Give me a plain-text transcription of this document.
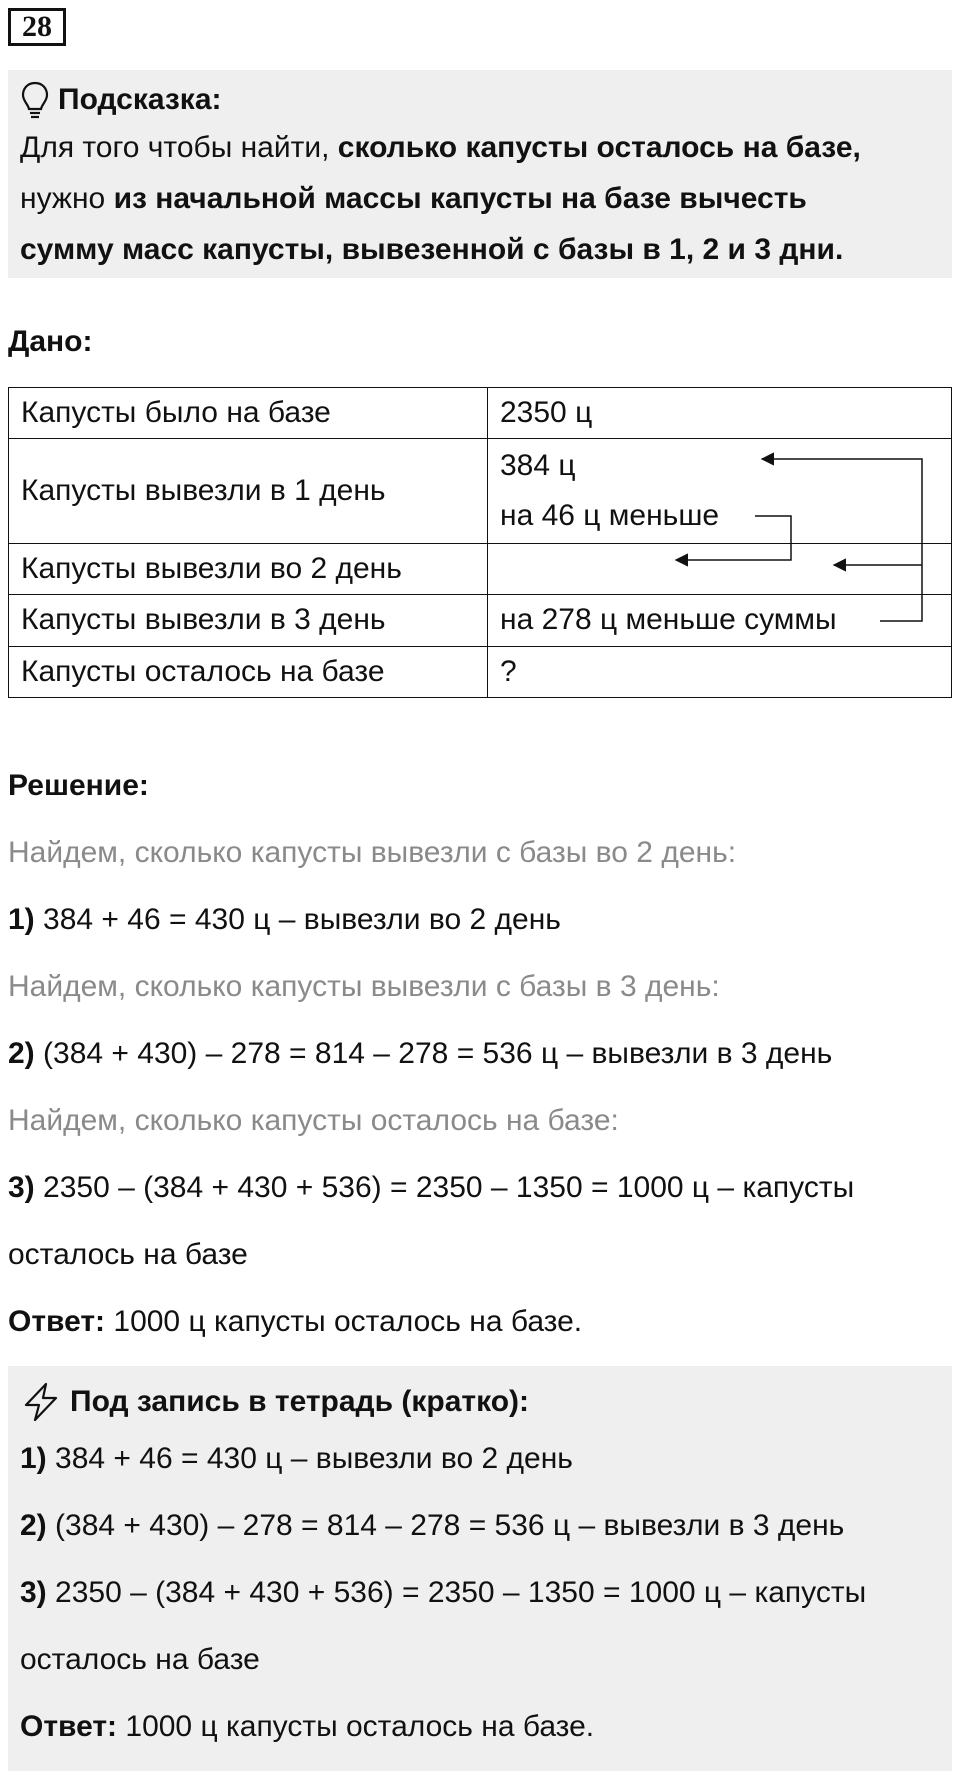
28
Подсказка:
Для того чтобы найти, сколько капусты осталось на базе,
нужно из начальной массы капусты на базе вычесть
сумму масс капусты, вывезенной с базы в 1, 2 и 3 дни.
Дано:
Капусты было на базе	2350 ц
Капусты вывезли в 1 день	384 ц
на 46 ц меньше

Капусты вывезли во 2 день	
Капусты вывезли в 3 день	на 278 ц меньше суммы
Капусты осталось на базе	?
Решение:
Найдем, сколько капусты вывезли с базы во 2 день:
1) 384 + 46 = 430 ц – вывезли во 2 день
Найдем, сколько капусты вывезли с базы в 3 день:
2) (384 + 430) – 278 = 814 – 278 = 536 ц – вывезли в 3 день
Найдем, сколько капусты осталось на базе:
3) 2350 – (384 + 430 + 536) = 2350 – 1350 = 1000 ц – капусты
осталось на базе
Ответ: 1000 ц капусты осталось на базе.
Под запись в тетрадь (кратко):
1) 384 + 46 = 430 ц – вывезли во 2 день
2) (384 + 430) – 278 = 814 – 278 = 536 ц – вывезли в 3 день
3) 2350 – (384 + 430 + 536) = 2350 – 1350 = 1000 ц – капусты
осталось на базе
Ответ: 1000 ц капусты осталось на базе.
